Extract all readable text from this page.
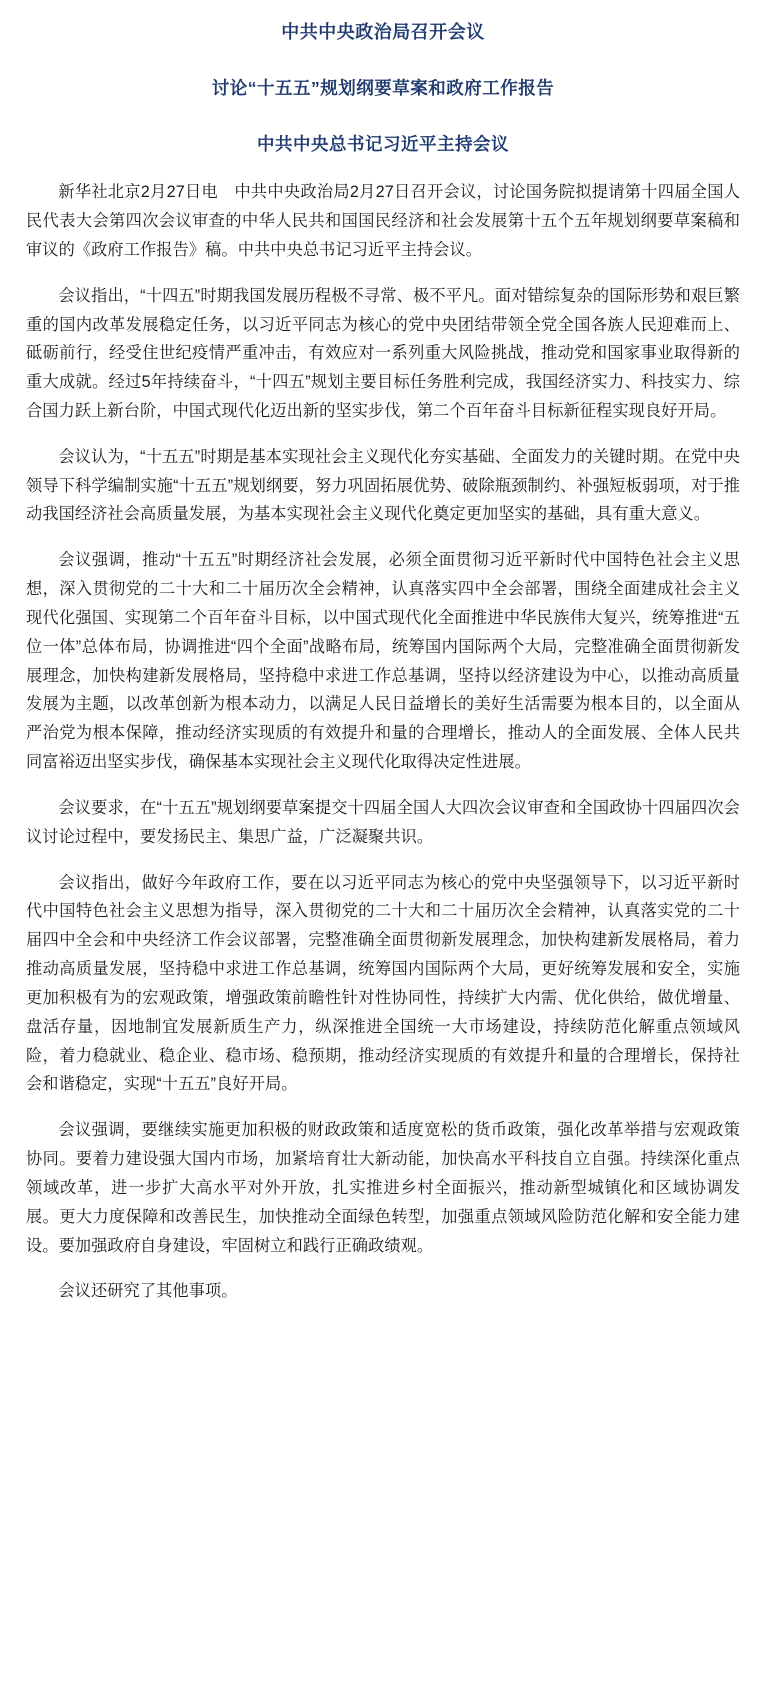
中共中央政治局召开会议
讨论“十五五”规划纲要草案和政府工作报告
中共中央总书记习近平主持会议

新华社北京2月27日电　中共中央政治局2月27日召开会议，讨论国务院拟提请第十四届全国人民代表大会第四次会议审查的中华人民共和国国民经济和社会发展第十五个五年规划纲要草案稿和审议的《政府工作报告》稿。中共中央总书记习近平主持会议。

会议指出，“十四五”时期我国发展历程极不寻常、极不平凡。面对错综复杂的国际形势和艰巨繁重的国内改革发展稳定任务，以习近平同志为核心的党中央团结带领全党全国各族人民迎难而上、砥砺前行，经受住世纪疫情严重冲击，有效应对一系列重大风险挑战，推动党和国家事业取得新的重大成就。经过5年持续奋斗，“十四五”规划主要目标任务胜利完成，我国经济实力、科技实力、综合国力跃上新台阶，中国式现代化迈出新的坚实步伐，第二个百年奋斗目标新征程实现良好开局。

会议认为，“十五五”时期是基本实现社会主义现代化夯实基础、全面发力的关键时期。在党中央领导下科学编制实施“十五五”规划纲要，努力巩固拓展优势、破除瓶颈制约、补强短板弱项，对于推动我国经济社会高质量发展，为基本实现社会主义现代化奠定更加坚实的基础，具有重大意义。

会议强调，推动“十五五”时期经济社会发展，必须全面贯彻习近平新时代中国特色社会主义思想，深入贯彻党的二十大和二十届历次全会精神，认真落实四中全会部署，围绕全面建成社会主义现代化强国、实现第二个百年奋斗目标，以中国式现代化全面推进中华民族伟大复兴，统筹推进“五位一体”总体布局，协调推进“四个全面”战略布局，统筹国内国际两个大局，完整准确全面贯彻新发展理念，加快构建新发展格局，坚持稳中求进工作总基调，坚持以经济建设为中心，以推动高质量发展为主题，以改革创新为根本动力，以满足人民日益增长的美好生活需要为根本目的，以全面从严治党为根本保障，推动经济实现质的有效提升和量的合理增长，推动人的全面发展、全体人民共同富裕迈出坚实步伐，确保基本实现社会主义现代化取得决定性进展。

会议要求，在“十五五”规划纲要草案提交十四届全国人大四次会议审查和全国政协十四届四次会议讨论过程中，要发扬民主、集思广益，广泛凝聚共识。

会议指出，做好今年政府工作，要在以习近平同志为核心的党中央坚强领导下，以习近平新时代中国特色社会主义思想为指导，深入贯彻党的二十大和二十届历次全会精神，认真落实党的二十届四中全会和中央经济工作会议部署，完整准确全面贯彻新发展理念，加快构建新发展格局，着力推动高质量发展，坚持稳中求进工作总基调，统筹国内国际两个大局，更好统筹发展和安全，实施更加积极有为的宏观政策，增强政策前瞻性针对性协同性，持续扩大内需、优化供给，做优增量、盘活存量，因地制宜发展新质生产力，纵深推进全国统一大市场建设，持续防范化解重点领域风险，着力稳就业、稳企业、稳市场、稳预期，推动经济实现质的有效提升和量的合理增长，保持社会和谐稳定，实现“十五五”良好开局。

会议强调，要继续实施更加积极的财政政策和适度宽松的货币政策，强化改革举措与宏观政策协同。要着力建设强大国内市场，加紧培育壮大新动能，加快高水平科技自立自强。持续深化重点领域改革，进一步扩大高水平对外开放，扎实推进乡村全面振兴，推动新型城镇化和区域协调发展。更大力度保障和改善民生，加快推动全面绿色转型，加强重点领域风险防范化解和安全能力建设。要加强政府自身建设，牢固树立和践行正确政绩观。

会议还研究了其他事项。
